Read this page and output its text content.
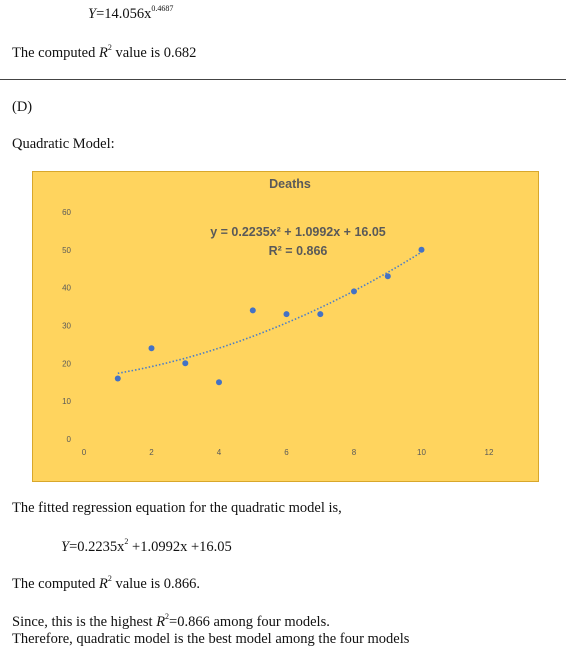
$Y=14.056x^{0.4687}$
The computed $R^2$ value is 0.682
(D)
Quadratic Model:
Deaths
y = 0.2235x² + 1.0992x + 16.05
R² = 0.866
0
10
20
30
40
50
60
0	2	4	6	8	10	12
The fitted regression equation for the quadratic model is,
$Y=0.2235x^2 +1.0992x +16.05$
The computed $R^2$ value is 0.866.
Since, this is the highest $R^2=0.866$ among four models.
Therefore, quadratic model is the best model among the four models
